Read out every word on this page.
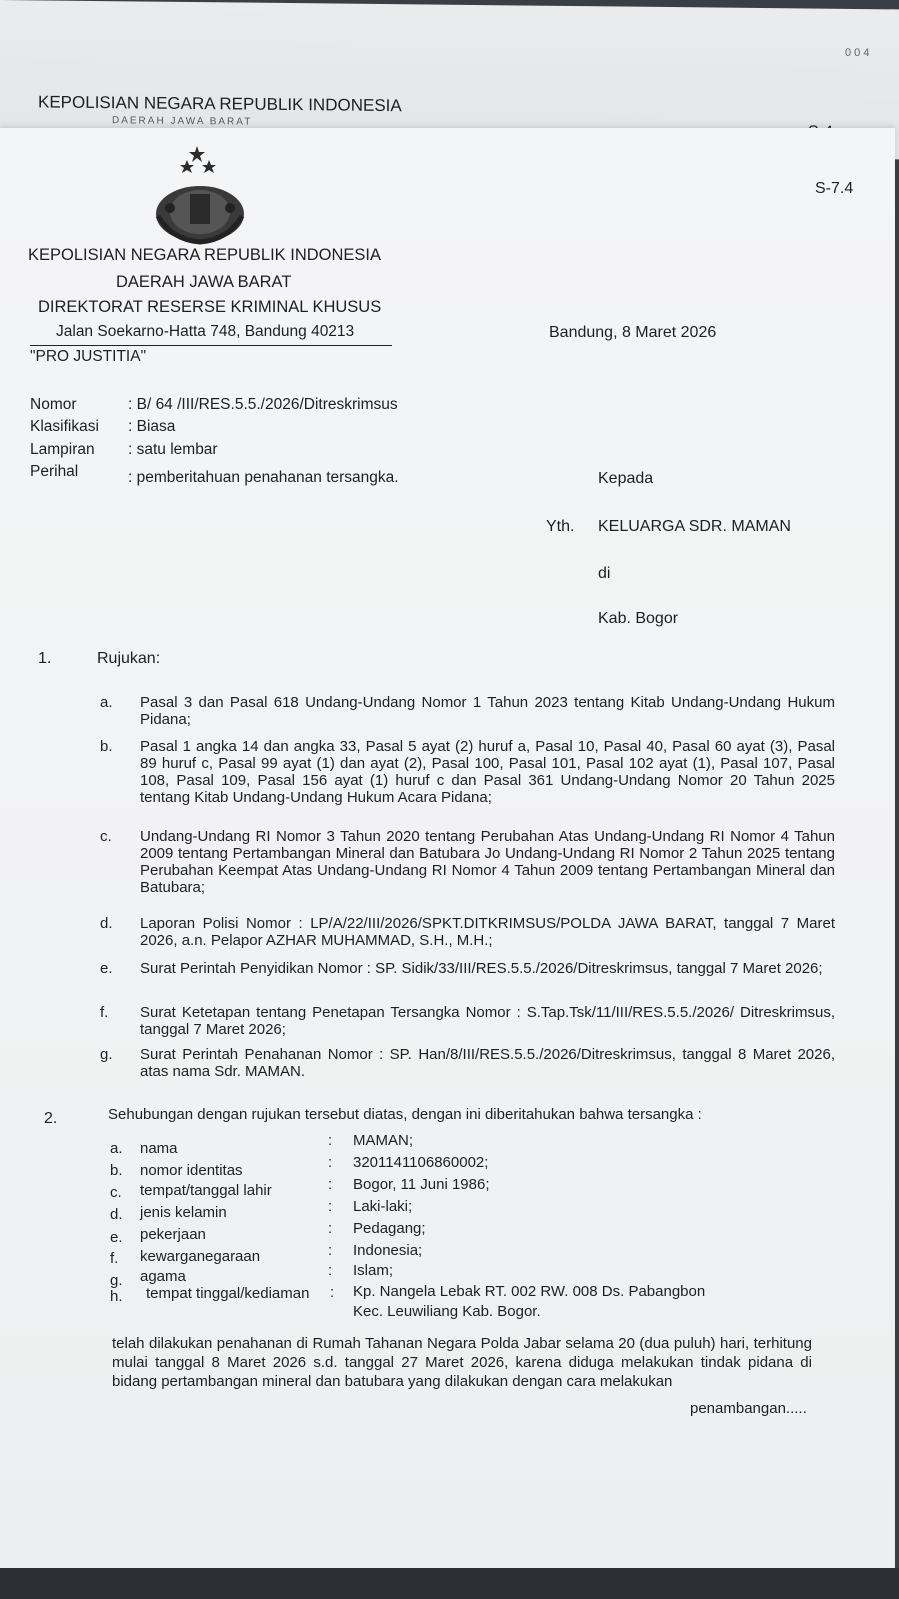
0 0 4
KEPOLISIAN NEGARA REPUBLIK INDONESIA
DAERAH JAWA BARAT
S-7.4
KEPOLISIAN NEGARA REPUBLIK INDONESIA
DAERAH JAWA BARAT
DIREKTORAT RESERSE KRIMINAL KHUSUS
Jalan Soekarno-Hatta 748, Bandung 40213
"PRO JUSTITIA"
Bandung, 8 Maret 2026
Nomor	: B/ 64 /III/RES.5.5./2026/Ditreskrimsus
Klasifikasi : Biasa
Lampiran : satu lembar
Perihal	: pemberitahuan penahanan tersangka.	Kepada
Yth. KELUARGA SDR. MAMAN
di
Kab. Bogor
1.	Rujukan:
a. Pasal 3 dan Pasal 618 Undang-Undang Nomor 1 Tahun 2023 tentang Kitab Undang-Undang Hukum Pidana;
b. Pasal 1 angka 14 dan angka 33, Pasal 5 ayat (2) huruf a, Pasal 10, Pasal 40, Pasal 60 ayat (3), Pasal 89 huruf c, Pasal 99 ayat (1) dan ayat (2), Pasal 100, Pasal 101, Pasal 102 ayat (1), Pasal 107, Pasal 108, Pasal 109, Pasal 156 ayat (1) huruf c dan Pasal 361 Undang-Undang Nomor 20 Tahun 2025 tentang Kitab Undang-Undang Hukum Acara Pidana;
c. Undang-Undang RI Nomor 3 Tahun 2020 tentang Perubahan Atas Undang-Undang RI Nomor 4 Tahun 2009 tentang Pertambangan Mineral dan Batubara Jo Undang-Undang RI Nomor 2 Tahun 2025 tentang Perubahan Keempat Atas Undang-Undang RI Nomor 4 Tahun 2009 tentang Pertambangan Mineral dan Batubara;
d. Laporan Polisi Nomor : LP/A/22/III/2026/SPKT.DITKRIMSUS/POLDA JAWA BARAT, tanggal 7 Maret 2026, a.n. Pelapor AZHAR MUHAMMAD, S.H., M.H.;
e. Surat Perintah Penyidikan Nomor : SP. Sidik/33/III/RES.5.5./2026/Ditreskrimsus, tanggal 7 Maret 2026;
f. Surat Ketetapan tentang Penetapan Tersangka Nomor : S.Tap.Tsk/11/III/RES.5.5./2026/ Ditreskrimsus, tanggal 7 Maret 2026;
g. Surat Perintah Penahanan Nomor : SP. Han/8/III/RES.5.5./2026/Ditreskrimsus, tanggal 8 Maret 2026, atas nama Sdr. MAMAN.
2.	Sehubungan dengan rujukan tersebut diatas, dengan ini diberitahukan bahwa tersangka :
a. nama	: MAMAN;
b. nomor identitas	: 3201141106860002;
c. tempat/tanggal lahir	: Bogor, 11 Juni 1986;
d. jenis kelamin	: Laki-laki;
e. pekerjaan	: Pedagang;
f. kewarganegaraan	: Indonesia;
g. agama	: Islam;
h. tempat tinggal/kediaman : Kp. Nangela Lebak RT. 002 RW. 008 Ds. Pabangbon
Kec. Leuwiliang Kab. Bogor.
telah dilakukan penahanan di Rumah Tahanan Negara Polda Jabar selama 20 (dua puluh) hari, terhitung mulai tanggal 8 Maret 2026 s.d. tanggal 27 Maret 2026, karena diduga melakukan tindak pidana di bidang pertambangan mineral dan batubara yang dilakukan dengan cara melakukan
penambangan.....
